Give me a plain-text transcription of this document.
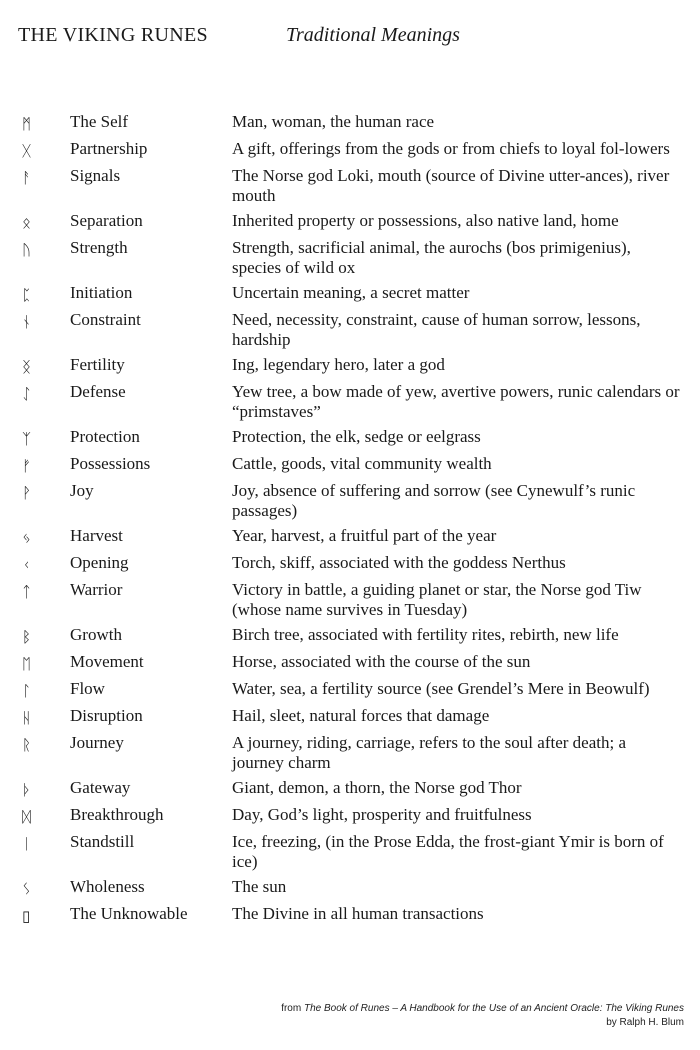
THE VIKING RUNES	Traditional Meanings
ᛗ	The Self	Man, woman, the human race
ᚷ	Partnership	A gift, offerings from the gods or from chiefs to loyal fol-lowers
ᚨ	Signals	The Norse god Loki, mouth (source of Divine utter-ances), river mouth
ᛟ	Separation	Inherited property or possessions, also native land, home
ᚢ	Strength	Strength, sacrificial animal, the aurochs (bos primigenius), species of wild ox
ᛈ	Initiation	Uncertain meaning, a secret matter
ᚾ	Constraint	Need, necessity, constraint, cause of human sorrow, lessons, hardship
ᛝ	Fertility	Ing, legendary hero, later a god
ᛇ	Defense	Yew tree, a bow made of yew, avertive powers, runic calendars or “primstaves”
ᛉ	Protection	Protection, the elk, sedge or eelgrass
ᚠ	Possessions	Cattle, goods, vital community wealth
ᚹ	Joy	Joy, absence of suffering and sorrow (see Cynewulf’s runic passages)
ᛃ	Harvest	Year, harvest, a fruitful part of the year
ᚲ	Opening	Torch, skiff, associated with the goddess Nerthus
ᛏ	Warrior	Victory in battle, a guiding planet or star, the Norse god Tiw (whose name survives in Tuesday)
ᛒ	Growth	Birch tree, associated with fertility rites, rebirth, new life
ᛖ	Movement	Horse, associated with the course of the sun
ᛚ	Flow	Water, sea, a fertility source (see Grendel’s Mere in Beowulf)
ᚺ	Disruption	Hail, sleet, natural forces that damage
ᚱ	Journey	A journey, riding, carriage, refers to the soul after death; a journey charm
ᚦ	Gateway	Giant, demon, a thorn, the Norse god Thor
ᛞ	Breakthrough	Day, God’s light, prosperity and fruitfulness
ᛁ	Standstill	Ice, freezing, (in the Prose Edda, the frost-giant Ymir is born of ice)
ᛊ	Wholeness	The sun
▯	The Unknowable	The Divine in all human transactions
from The Book of Runes – A Handbook for the Use of an Ancient Oracle: The Viking Runes
by Ralph H. Blum
